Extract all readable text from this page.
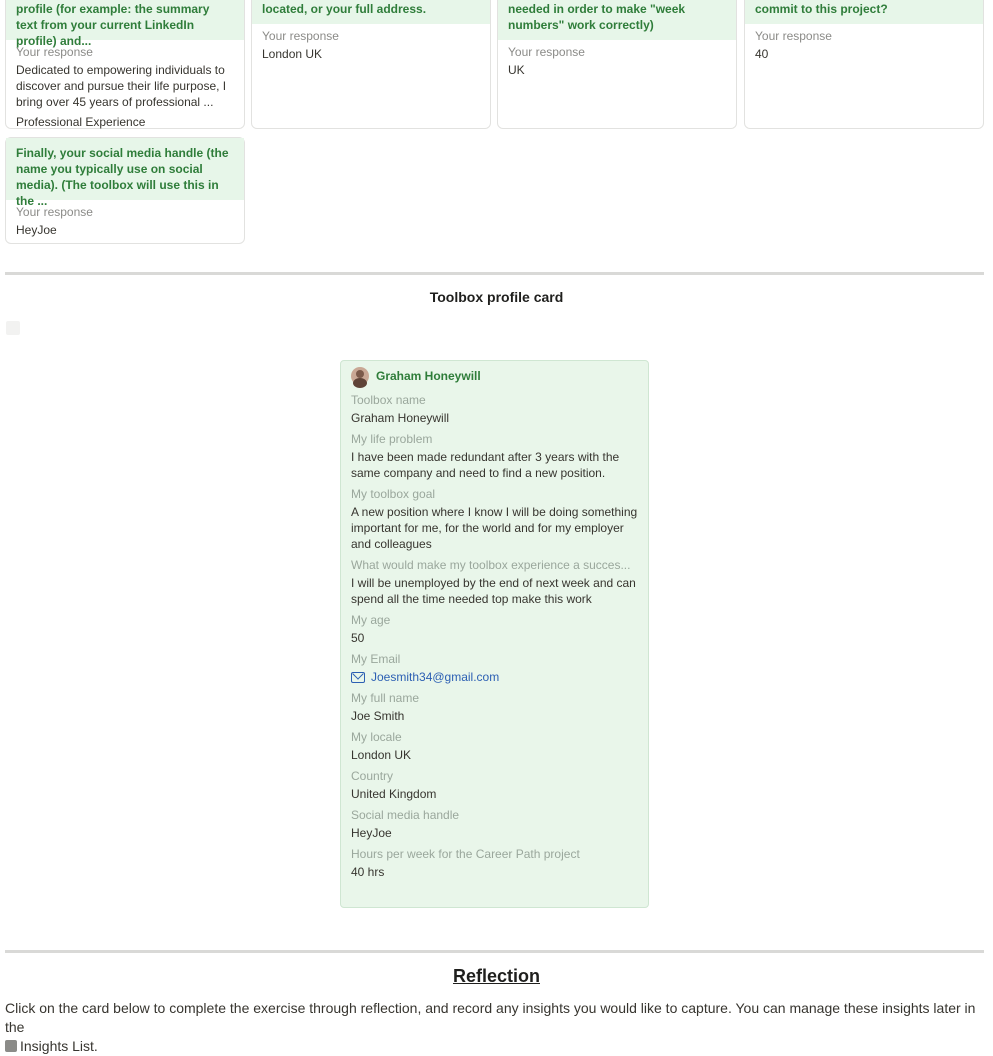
profile (for example: the summary text from your current LinkedIn profile) and...
Your response
Dedicated to empowering individuals to discover and pursue their life purpose, I bring over 45 years of professional ...
Professional Experience
located, or your full address.
Your response
London UK
needed in order to make "week numbers" work correctly)
Your response
UK
commit to this project?
Your response
40
Finally, your social media handle (the name you typically use on social media). (The toolbox will use this in the ...
Your response
HeyJoe
Toolbox profile card
Graham Honeywill
Toolbox name
Graham Honeywill
My life problem
I have been made redundant after 3 years with the same company and need to find a new position.
My toolbox goal
A new position where I know I will be doing something important for me, for the world and for my employer and colleagues
What would make my toolbox experience a succes...
I will be unemployed by the end of next week and can spend all the time needed top make this work
My age
50
My Email
Joesmith34@gmail.com
My full name
Joe Smith
My locale
London UK
Country
United Kingdom
Social media handle
HeyJoe
Hours per week for the Career Path project
40 hrs
Reflection
Click on the card below to complete the exercise through reflection, and record any insights you would like to capture. You can manage these insights later in the
Insights List.
